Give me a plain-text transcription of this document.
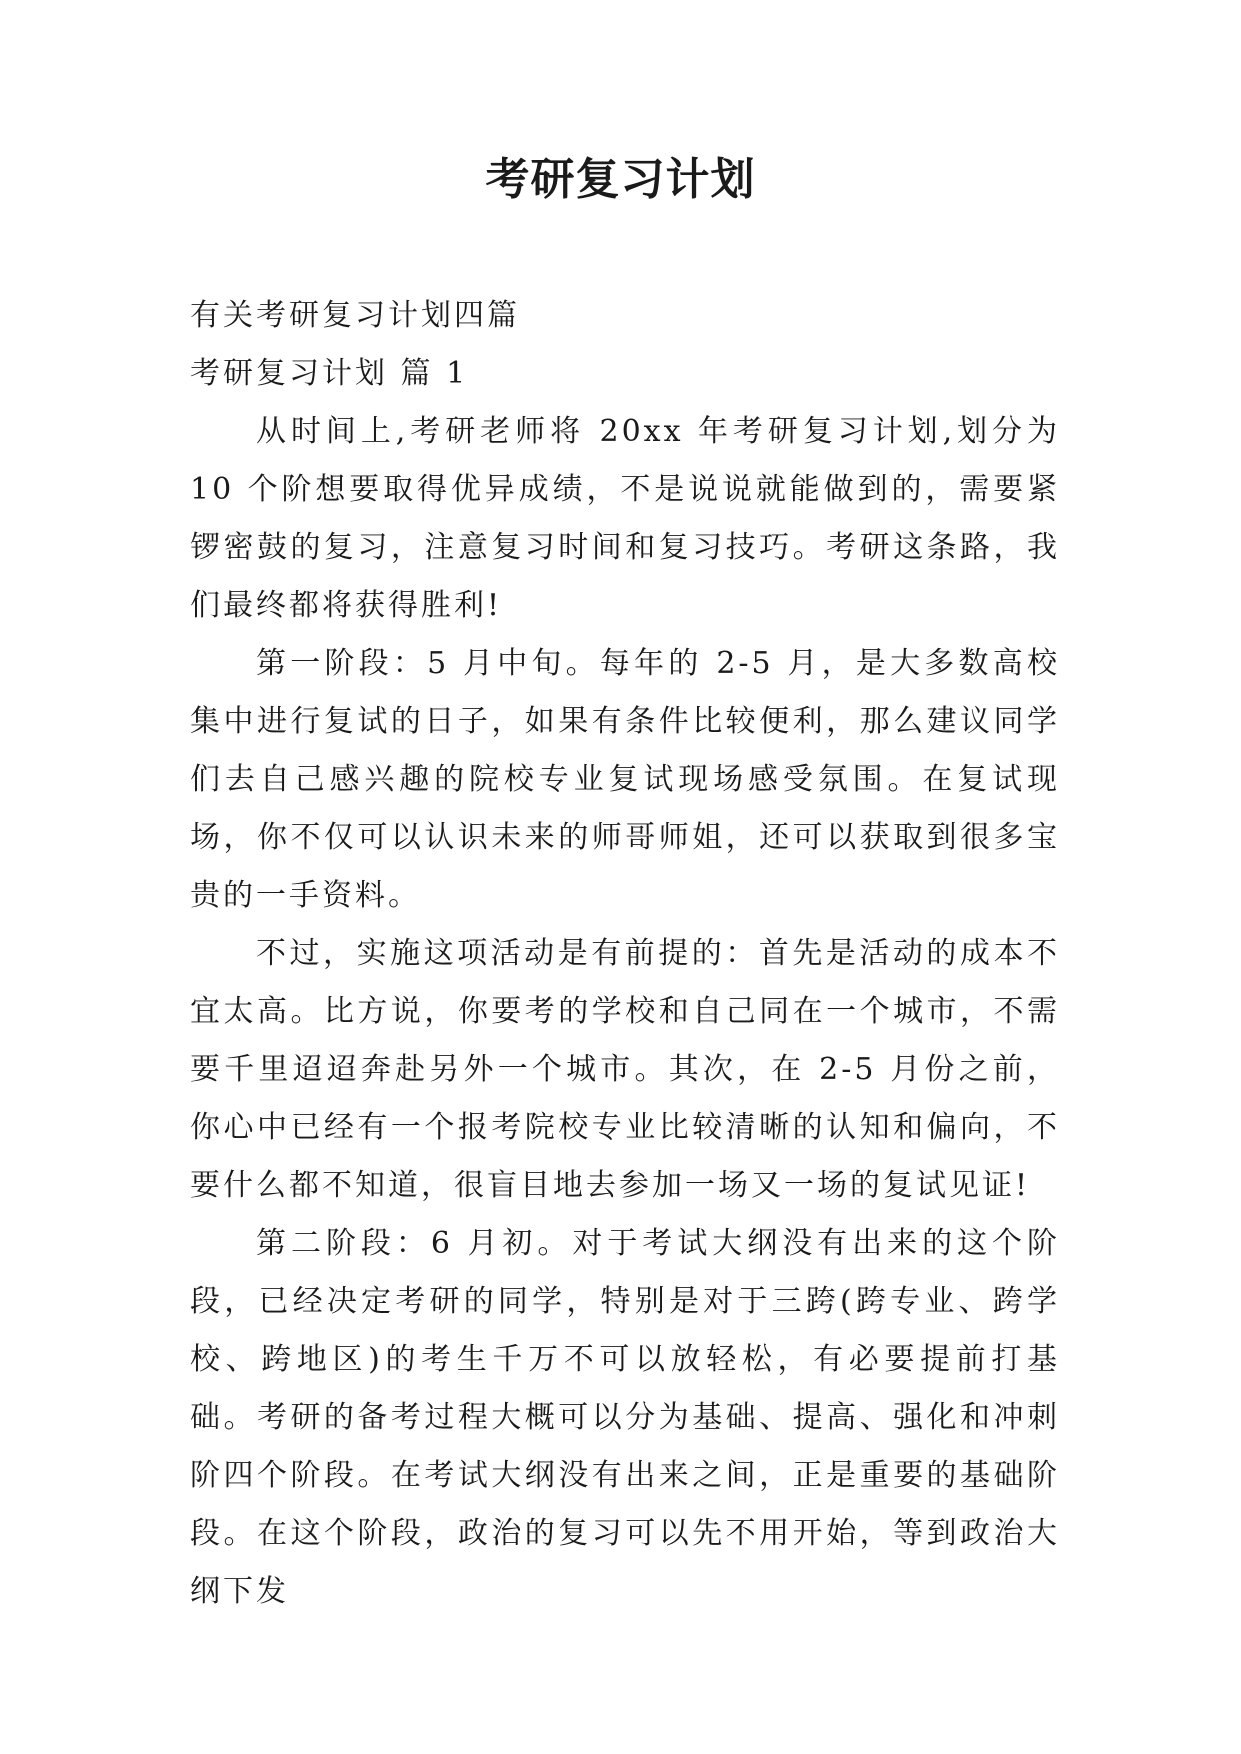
考研复习计划

有关考研复习计划四篇

考研复习计划 篇 1

从时间上,考研老师将 20xx 年考研复习计划,划分为 10 个阶想要取得优异成绩，不是说说就能做到的，需要紧锣密鼓的复习，注意复习时间和复习技巧。考研这条路，我们最终都将获得胜利!

第一阶段：5 月中旬。每年的 2-5 月，是大多数高校集中进行复试的日子，如果有条件比较便利，那么建议同学们去自己感兴趣的院校专业复试现场感受氛围。在复试现场，你不仅可以认识未来的师哥师姐，还可以获取到很多宝贵的一手资料。

不过，实施这项活动是有前提的：首先是活动的成本不宜太高。比方说，你要考的学校和自己同在一个城市，不需要千里迢迢奔赴另外一个城市。其次，在 2-5 月份之前，你心中已经有一个报考院校专业比较清晰的认知和偏向，不要什么都不知道，很盲目地去参加一场又一场的复试见证!

第二阶段：6 月初。对于考试大纲没有出来的这个阶段，已经决定考研的同学，特别是对于三跨(跨专业、跨学校、跨地区)的考生千万不可以放轻松，有必要提前打基础。考研的备考过程大概可以分为基础、提高、强化和冲刺阶四个阶段。在考试大纲没有出来之间，正是重要的基础阶段。在这个阶段，政治的复习可以先不用开始，等到政治大纲下发
